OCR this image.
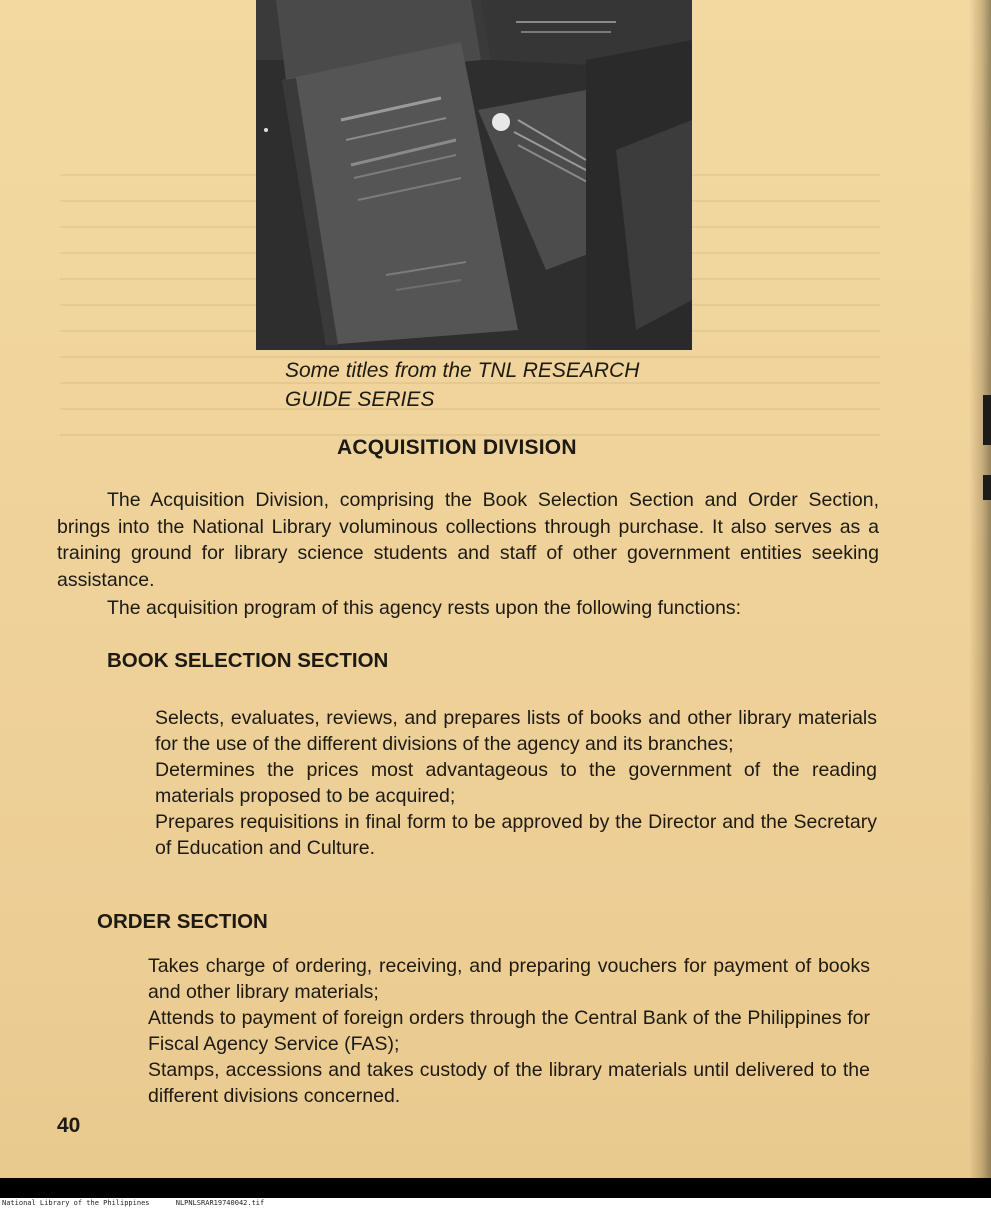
Some titles from the TNL RESEARCH
GUIDE SERIES
ACQUISITION DIVISION
The Acquisition Division, comprising the Book Selection Section and Order Section, brings into the National Library voluminous collections through purchase. It also serves as a training ground for library science students and staff of other government entities seeking assistance.
The acquisition program of this agency rests upon the following functions:
BOOK SELECTION SECTION

Selects, evaluates, reviews, and prepares lists of books and other library materials for the use of the different divisions of the agency and its branches;

Determines the prices most advantageous to the government of the reading materials proposed to be acquired;

Prepares requisitions in final form to be approved by the Director and the Secretary of Education and Culture.

ORDER SECTION

Takes charge of ordering, receiving, and preparing vouchers for payment of books and other library materials;

Attends to payment of foreign orders through the Central Bank of the Philippines for Fiscal Agency Service (FAS);

Stamps, accessions and takes custody of the library materials until delivered to the different divisions concerned.

40
National Library of the Philippines	NLPNLSRAR19740042.tif
